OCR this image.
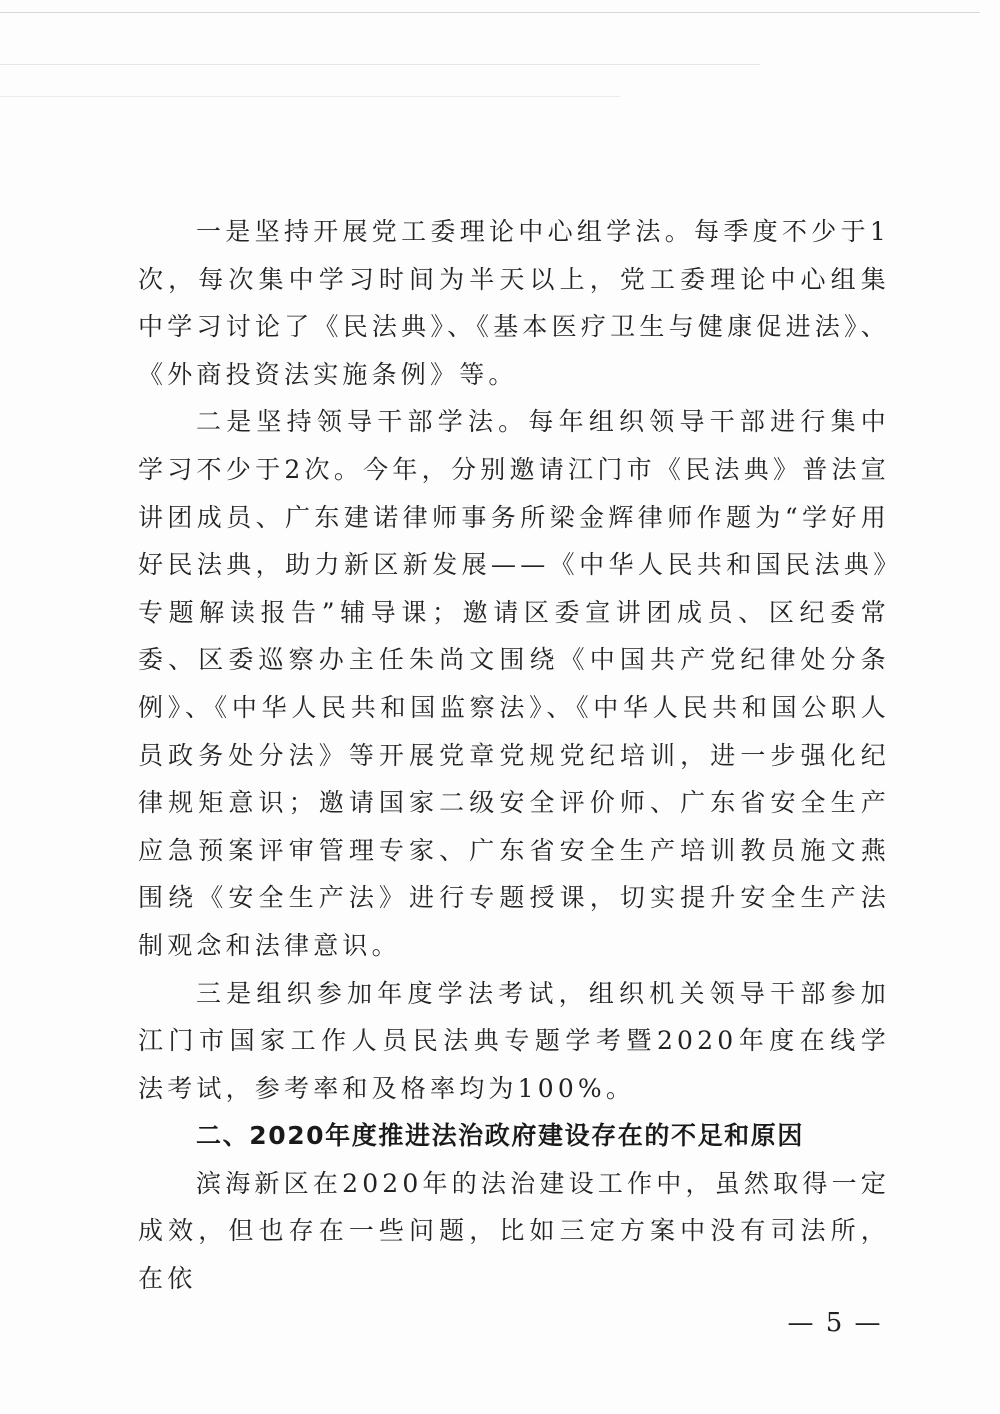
一是坚持开展党工委理论中心组学法。每季度不少于1次，每次集中学习时间为半天以上，党工委理论中心组集中学习讨论了《民法典》、《基本医疗卫生与健康促进法》、《外商投资法实施条例》等。

二是坚持领导干部学法。每年组织领导干部进行集中学习不少于2次。今年，分别邀请江门市《民法典》普法宣讲团成员、广东建诺律师事务所梁金辉律师作题为“学好用好民法典，助力新区新发展——《中华人民共和国民法典》专题解读报告”辅导课；邀请区委宣讲团成员、区纪委常委、区委巡察办主任朱尚文围绕《中国共产党纪律处分条例》、《中华人民共和国监察法》、《中华人民共和国公职人员政务处分法》等开展党章党规党纪培训，进一步强化纪律规矩意识；邀请国家二级安全评价师、广东省安全生产应急预案评审管理专家、广东省安全生产培训教员施文燕围绕《安全生产法》进行专题授课，切实提升安全生产法制观念和法律意识。

三是组织参加年度学法考试，组织机关领导干部参加江门市国家工作人员民法典专题学考暨2020年度在线学法考试，参考率和及格率均为100%。

二、2020年度推进法治政府建设存在的不足和原因

滨海新区在2020年的法治建设工作中，虽然取得一定成效，但也存在一些问题，比如三定方案中没有司法所，在依

— 5 —
